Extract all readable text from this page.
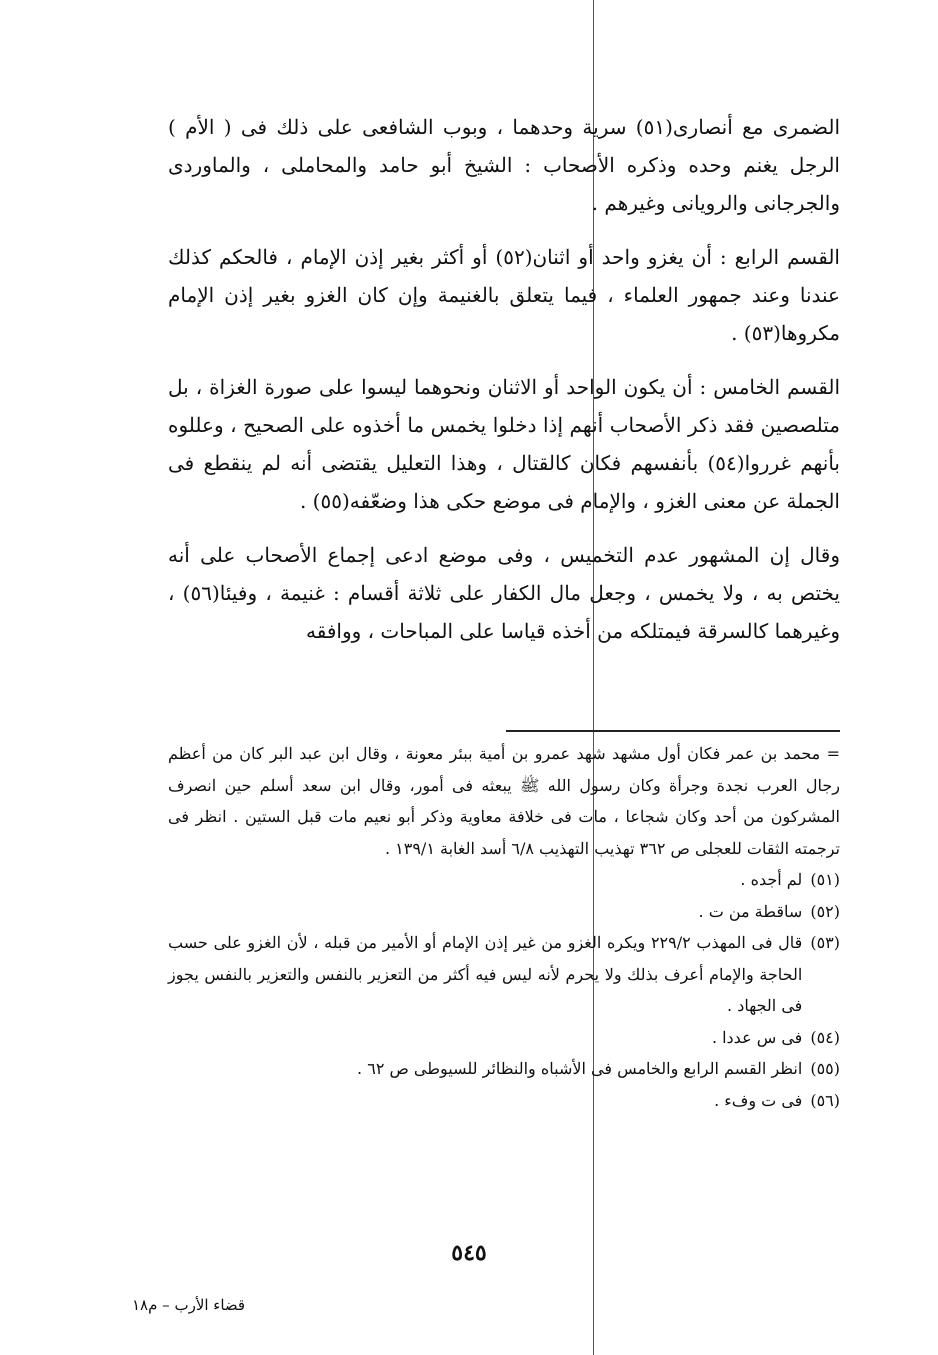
الضمرى مع أنصارى(٥١) سرية وحدهما ، وبوب الشافعى على ذلك فى ( الأم ) الرجل يغنم وحده وذكره الأصحاب : الشيخ أبو حامد والمحاملى ، والماوردى والجرجانى والرويانى وغيرهم .

القسم الرابع : أن يغزو واحد أو اثنان(٥٢) أو أكثر بغير إذن الإمام ، فالحكم كذلك عندنا وعند جمهور العلماء ، فيما يتعلق بالغنيمة وإن كان الغزو بغير إذن الإمام مكروها(٥٣) .

القسم الخامس : أن يكون الواحد أو الاثنان ونحوهما ليسوا على صورة الغزاة ، بل متلصصين فقد ذكر الأصحاب أنهم إذا دخلوا يخمس ما أخذوه على الصحيح ، وعللوه بأنهم غرروا(٥٤) بأنفسهم فكان كالقتال ، وهذا التعليل يقتضى أنه لم ينقطع فى الجملة عن معنى الغزو ، والإمام فى موضع حكى هذا وضعّفه(٥٥) .

وقال إن المشهور عدم التخميس ، وفى موضع ادعى إجماع الأصحاب على أنه يختص به ، ولا يخمس ، وجعل مال الكفار على ثلاثة أقسام : غنيمة ، وفيئا(٥٦) ، وغيرهما كالسرقة فيمتلكه من أخذه قياسا على المباحات ، ووافقه

= محمد بن عمر فكان أول مشهد شهد عمرو بن أمية ببئر معونة ، وقال ابن عبد البر كان من أعظم رجال العرب نجدة وجرأة وكان رسول الله ﷺ يبعثه فى أمور، وقال ابن سعد أسلم حين انصرف المشركون من أحد وكان شجاعا ، مات فى خلافة معاوية وذكر أبو نعيم مات قبل الستين . انظر فى ترجمته الثقات للعجلى ص ٣٦٢ تهذيب التهذيب ٦/٨ أسد الغابة ١٣٩/١ .

(٥١)
لم أجده .
(٥٢)
ساقطة من ت .
(٥٣)
قال فى المهذب ٢٢٩/٢ ويكره الغزو من غير إذن الإمام أو الأمير من قبله ، لأن الغزو على حسب الحاجة والإمام أعرف بذلك ولا يحرم لأنه ليس فيه أكثر من التعزير بالنفس والتعزير بالنفس يجوز فى الجهاد .
(٥٤)
فى س عددا .
(٥٥)
انظر القسم الرابع والخامس فى الأشباه والنظائر للسيوطى ص ٦٢ .
(٥٦)
فى ت وفء .
٥٤٥
قضاء الأرب – م١٨
